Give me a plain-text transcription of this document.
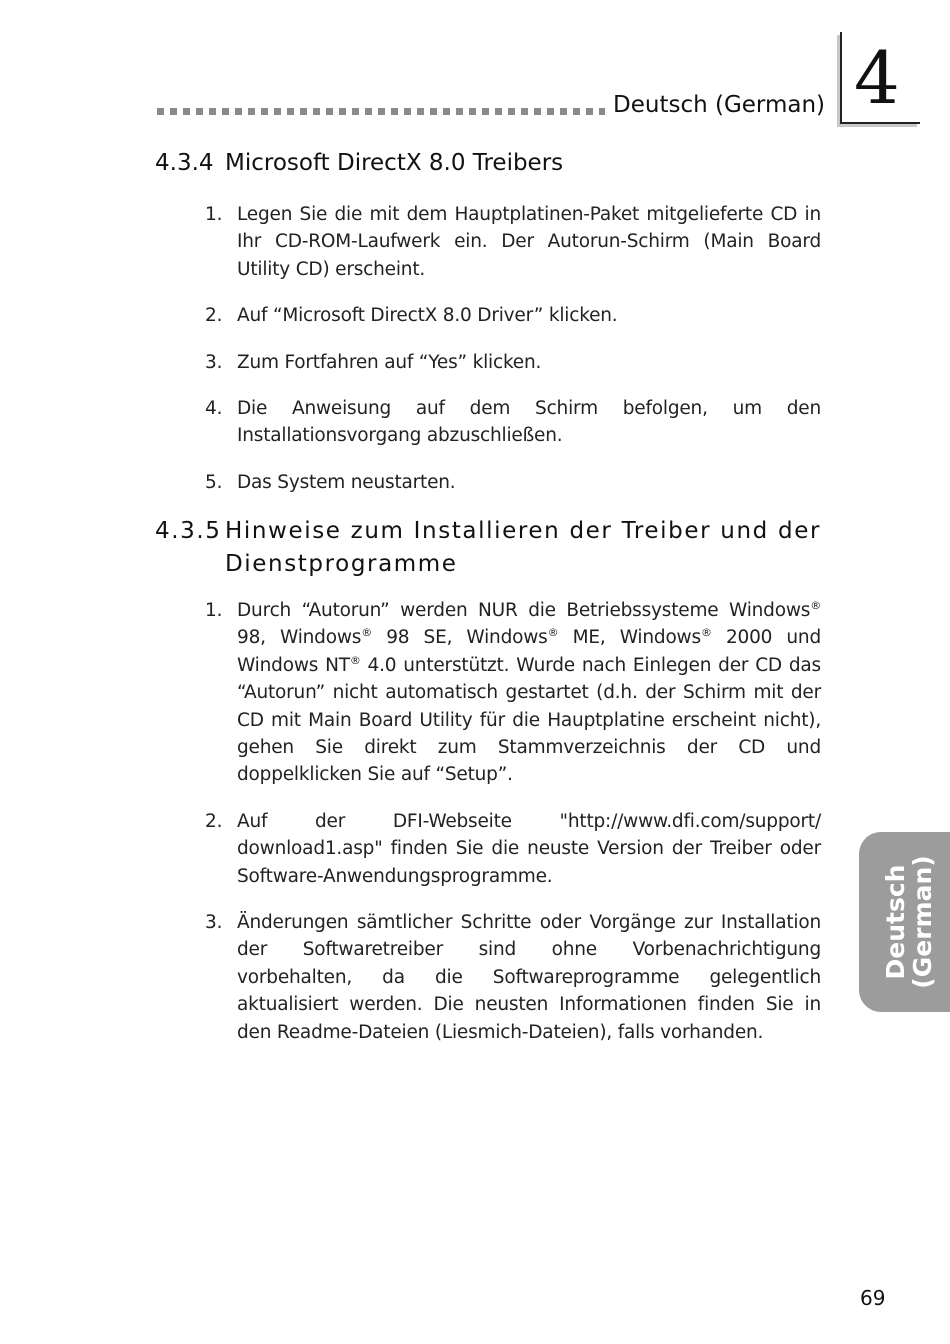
Deutsch (German) 4
Deutsch
(German)
4.3.4 Microsoft DirectX 8.0 Treibers
1. Legen Sie die mit dem Hauptplatinen-Paket mitgelieferte CD in Ihr CD-ROM-Laufwerk ein. Der Autorun-Schirm (Main Board Utility CD) erscheint.
2. Auf “Microsoft DirectX 8.0 Driver” klicken.
3. Zum Fortfahren auf “Yes” klicken.
4. Die Anweisung auf dem Schirm befolgen, um den Installationsvorgang abzuschließen.
5. Das System neustarten.
4.3.5 Hinweise zum Installieren der Treiber und der Dienstprogramme
1. Durch “Autorun” werden NUR die Betriebssysteme Windows® 98, Windows® 98 SE, Windows® ME, Windows® 2000 und Windows NT® 4.0 unterstützt. Wurde nach Einlegen der CD das “Autorun” nicht automatisch gestartet (d.h. der Schirm mit der CD mit Main Board Utility für die Hauptplatine erscheint nicht), gehen Sie direkt zum Stammverzeichnis der CD und doppelklicken Sie auf “Setup”.
2. Auf der DFI-Webseite "http://www.dfi.com/support/ download1.asp" finden Sie die neuste Version der Treiber oder Software-Anwendungsprogramme.
3. Änderungen sämtlicher Schritte oder Vorgänge zur Installation der Softwaretreiber sind ohne Vorbenachrichtigung vorbehalten, da die Softwareprogramme gelegentlich aktualisiert werden. Die neusten Informationen finden Sie in den Readme-Dateien (Liesmich-Dateien), falls vorhanden.
69
